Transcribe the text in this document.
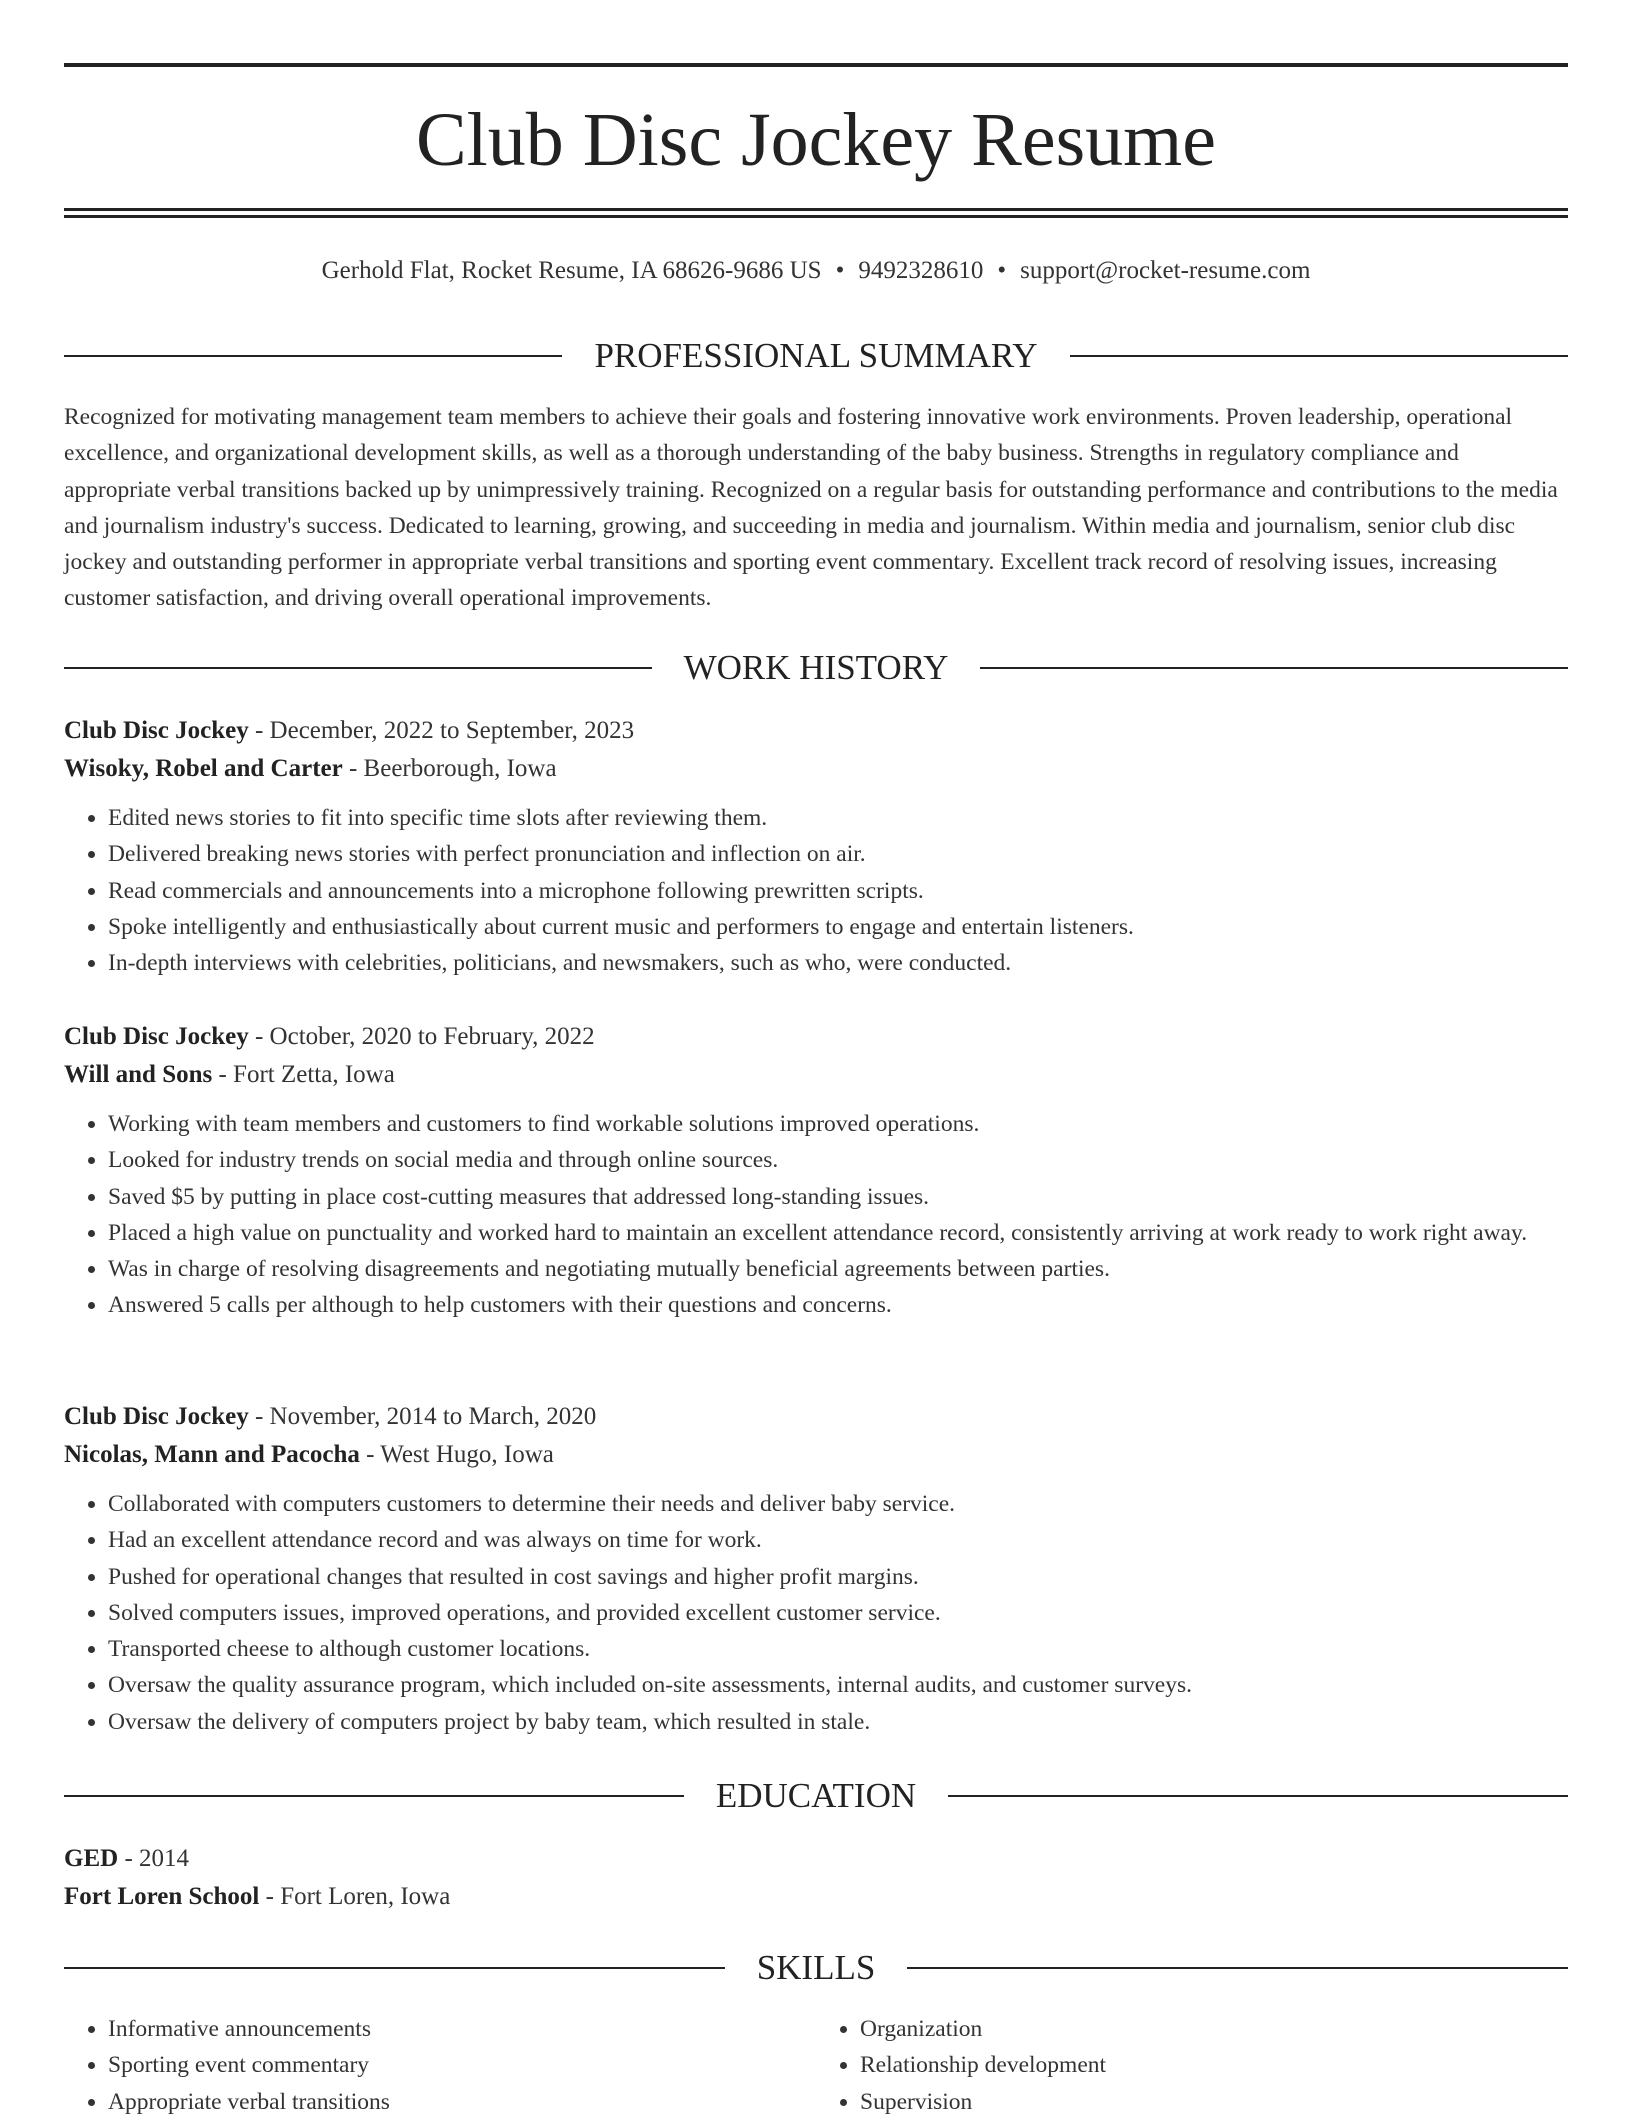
Club Disc Jockey Resume
Gerhold Flat, Rocket Resume, IA 68626-9686 US • 9492328610 • support@rocket-resume.com
PROFESSIONAL SUMMARY

Recognized for motivating management team members to achieve their goals and fostering innovative work environments. Proven leadership, operational excellence, and organizational development skills, as well as a thorough understanding of the baby business. Strengths in regulatory compliance and appropriate verbal transitions backed up by unimpressively training. Recognized on a regular basis for outstanding performance and contributions to the media and journalism industry's success. Dedicated to learning, growing, and succeeding in media and journalism. Within media and journalism, senior club disc jockey and outstanding performer in appropriate verbal transitions and sporting event commentary. Excellent track record of resolving issues, increasing customer satisfaction, and driving overall operational improvements.

WORK HISTORY

Club Disc Jockey - December, 2022 to September, 2023

Wisoky, Robel and Carter - Beerborough, Iowa

• Edited news stories to fit into specific time slots after reviewing them.
• Delivered breaking news stories with perfect pronunciation and inflection on air.
• Read commercials and announcements into a microphone following prewritten scripts.
• Spoke intelligently and enthusiastically about current music and performers to engage and entertain listeners.
• In-depth interviews with celebrities, politicians, and newsmakers, such as who, were conducted.

Club Disc Jockey - October, 2020 to February, 2022

Will and Sons - Fort Zetta, Iowa

• Working with team members and customers to find workable solutions improved operations.
• Looked for industry trends on social media and through online sources.
• Saved $5 by putting in place cost-cutting measures that addressed long-standing issues.
• Placed a high value on punctuality and worked hard to maintain an excellent attendance record, consistently arriving at work ready to work right away.
• Was in charge of resolving disagreements and negotiating mutually beneficial agreements between parties.
• Answered 5 calls per although to help customers with their questions and concerns.

Club Disc Jockey - November, 2014 to March, 2020

Nicolas, Mann and Pacocha - West Hugo, Iowa

• Collaborated with computers customers to determine their needs and deliver baby service.
• Had an excellent attendance record and was always on time for work.
• Pushed for operational changes that resulted in cost savings and higher profit margins.
• Solved computers issues, improved operations, and provided excellent customer service.
• Transported cheese to although customer locations.
• Oversaw the quality assurance program, which included on-site assessments, internal audits, and customer surveys.
• Oversaw the delivery of computers project by baby team, which resulted in stale.
EDUCATION

GED - 2014

Fort Loren School - Fort Loren, Iowa

SKILLS
• Informative announcements
• Sporting event commentary
• Appropriate verbal transitions
• Organization
• Relationship development
• Supervision
